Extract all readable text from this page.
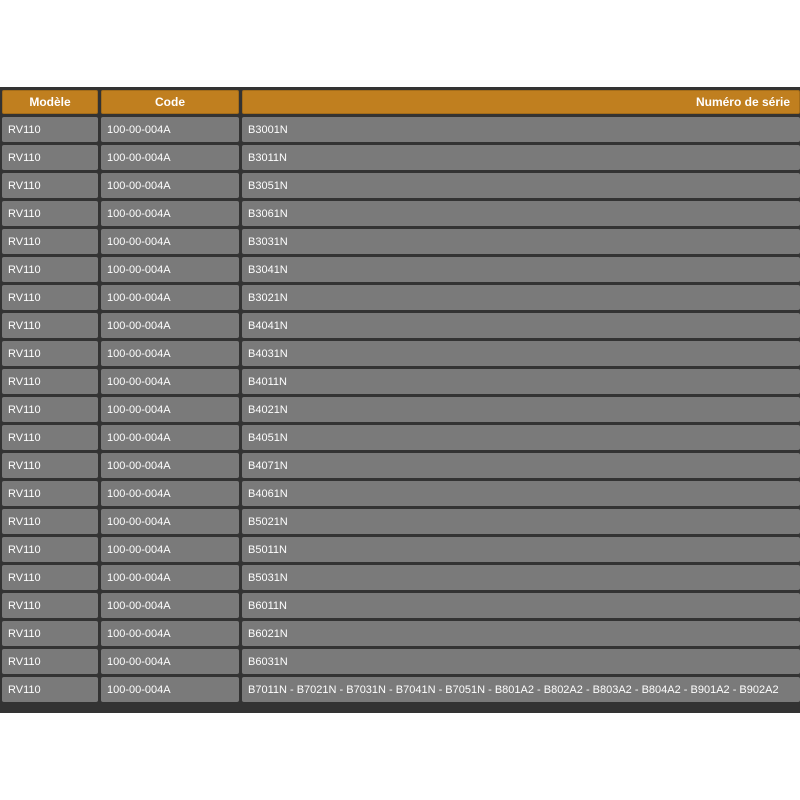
Modèle	Code	Numéro de série
RV110	100-00-004A	B3001N
RV110	100-00-004A	B3011N
RV110	100-00-004A	B3051N
RV110	100-00-004A	B3061N
RV110	100-00-004A	B3031N
RV110	100-00-004A	B3041N
RV110	100-00-004A	B3021N
RV110	100-00-004A	B4041N
RV110	100-00-004A	B4031N
RV110	100-00-004A	B4011N
RV110	100-00-004A	B4021N
RV110	100-00-004A	B4051N
RV110	100-00-004A	B4071N
RV110	100-00-004A	B4061N
RV110	100-00-004A	B5021N
RV110	100-00-004A	B5011N
RV110	100-00-004A	B5031N
RV110	100-00-004A	B6011N
RV110	100-00-004A	B6021N
RV110	100-00-004A	B6031N
RV110	100-00-004A	B7011N - B7021N - B7031N - B7041N - B7051N - B801A2 - B802A2 - B803A2 - B804A2 - B901A2 - B902A2
